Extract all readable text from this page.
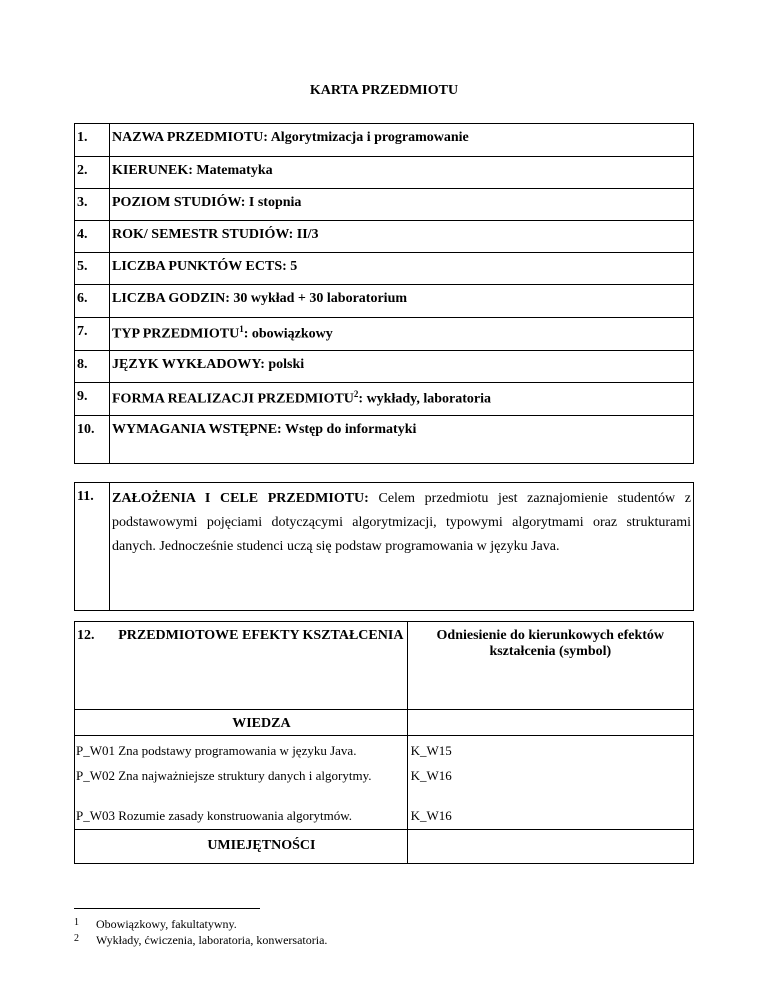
KARTA PRZEDMIOTU
1.	NAZWA PRZEDMIOTU: Algorytmizacja i programowanie
2.	KIERUNEK: Matematyka
3.	POZIOM STUDIÓW: I stopnia
4.	ROK/ SEMESTR STUDIÓW: II/3
5.	LICZBA PUNKTÓW ECTS: 5
6.	LICZBA GODZIN: 30 wykład + 30 laboratorium
7.	TYP PRZEDMIOTU$^1$: obowiązkowy
8.	JĘZYK WYKŁADOWY: polski
9.	FORMA REALIZACJI PRZEDMIOTU$^2$: wykłady, laboratoria
10.	WYMAGANIA WSTĘPNE: Wstęp do informatyki
11.	ZAŁOŻENIA I CELE PRZEDMIOTU: Celem przedmiotu jest zaznajomienie studentów z podstawowymi pojęciami dotyczącymi algorytmizacji, typowymi algorytmami oraz strukturami danych. Jednocześnie studenci uczą się podstaw programowania w języku Java.
12.	PRZEDMIOTOWE EFEKTY KSZTAŁCENIA	Odniesienie do kierunkowych efektów kształcenia (symbol)
	WIEDZA	
P_W01	Zna podstawy programowania w języku Java.	K_W15
P_W02	Zna najważniejsze struktury danych i algorytmy.	K_W16
P_W03	Rozumie zasady konstruowania algorytmów.	K_W16
	UMIEJĘTNOŚCI	
1 Obowiązkowy, fakultatywny.
2 Wykłady, ćwiczenia, laboratoria, konwersatoria.
